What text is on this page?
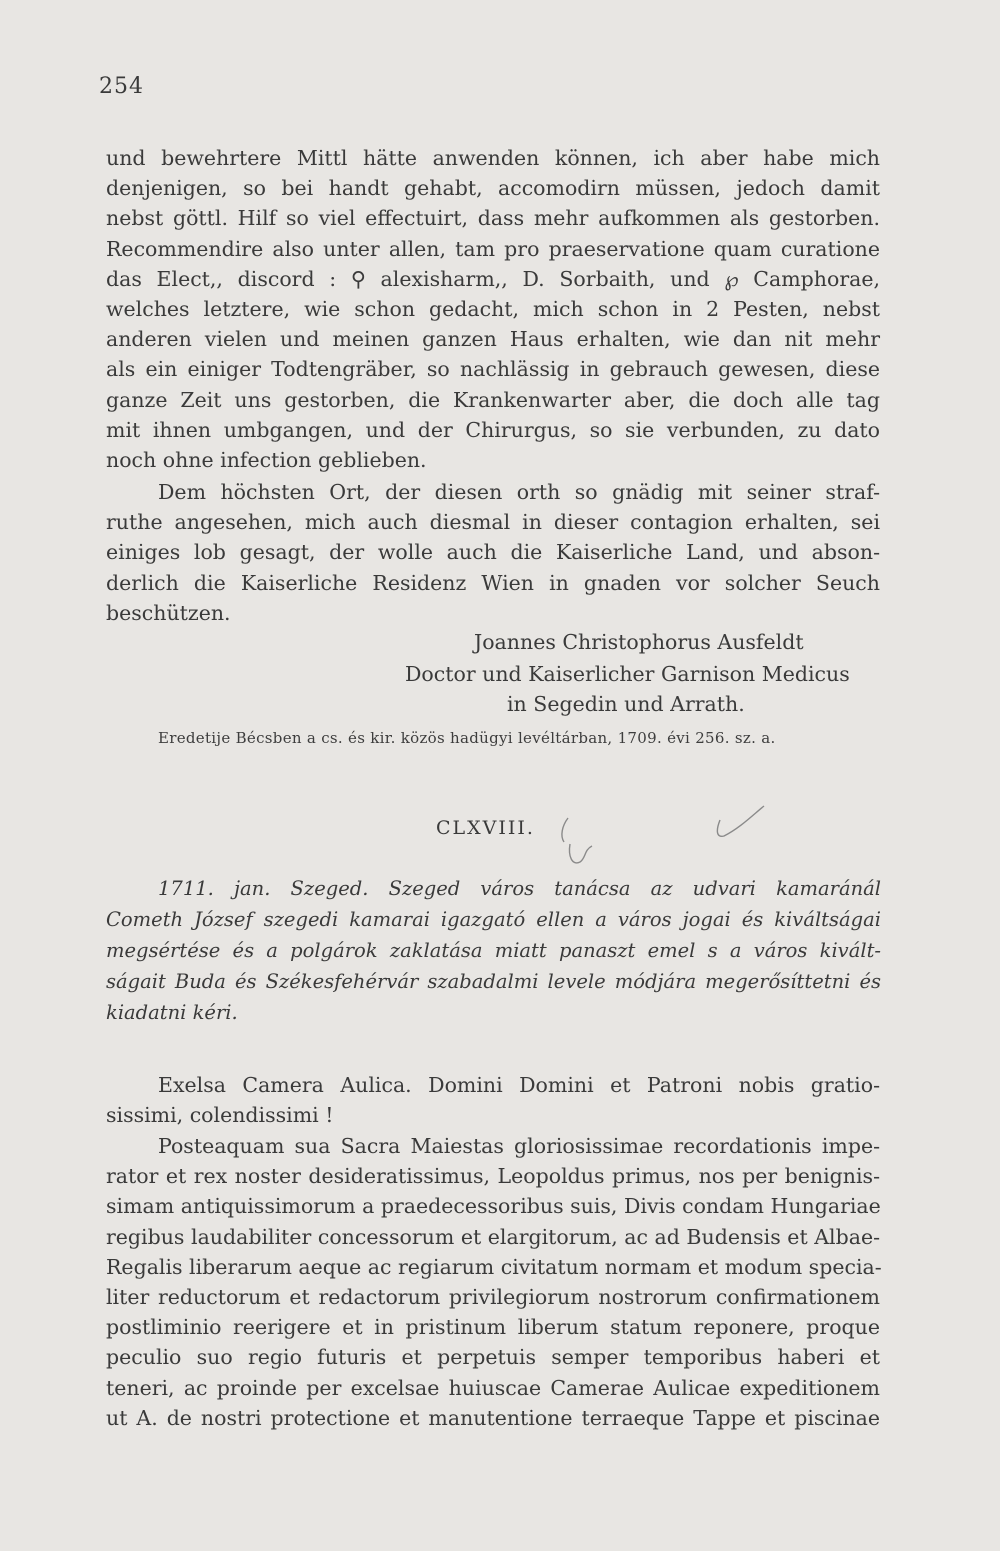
254
und bewehrtere Mittl hätte anwenden können, ich aber habe mich
denjenigen, so bei handt gehabt, accomodirn müssen, jedoch damit
nebst göttl. Hilf so viel effectuirt, dass mehr aufkommen als gestorben.
Recommendire also unter allen, tam pro praeservatione quam curatione
das Elect,, discord : ⚲ alexisharm,, D. Sorbaith, und ℘ Camphorae,
welches letztere, wie schon gedacht, mich schon in 2 Pesten, nebst
anderen vielen und meinen ganzen Haus erhalten, wie dan nit mehr
als ein einiger Todtengräber, so nachlässig in gebrauch gewesen, diese
ganze Zeit uns gestorben, die Krankenwarter aber, die doch alle tag
mit ihnen umbgangen, und der Chirurgus, so sie verbunden, zu dato
noch ohne infection geblieben.
Dem höchsten Ort, der diesen orth so gnädig mit seiner straf-
ruthe angesehen, mich auch diesmal in dieser contagion erhalten, sei
einiges lob gesagt, der wolle auch die Kaiserliche Land, und abson-
derlich die Kaiserliche Residenz Wien in gnaden vor solcher Seuch
beschützen.
Joannes Christophorus Ausfeldt
Doctor und Kaiserlicher Garnison Medicus
in Segedin und Arrath.
Eredetije Bécsben a cs. és kir. közös hadügyi levéltárban, 1709. évi 256. sz. a.
CLXVIII.
1711. jan. Szeged. Szeged város tanácsa az udvari kamaránál
Cometh József szegedi kamarai igazgató ellen a város jogai és kiváltságai
megsértése és a polgárok zaklatása miatt panaszt emel s a város kivált-
ságait Buda és Székesfehérvár szabadalmi levele módjára megerősíttetni és
kiadatni kéri.
Exelsa Camera Aulica. Domini Domini et Patroni nobis gratio-
sissimi, colendissimi !
Posteaquam sua Sacra Maiestas gloriosissimae recordationis impe-
rator et rex noster desideratissimus, Leopoldus primus, nos per benignis-
simam antiquissimorum a praedecessoribus suis, Divis condam Hungariae
regibus laudabiliter concessorum et elargitorum, ac ad Budensis et Albae-
Regalis liberarum aeque ac regiarum civitatum normam et modum specia-
liter reductorum et redactorum privilegiorum nostrorum confirmationem
postliminio reerigere et in pristinum liberum statum reponere, proque
peculio suo regio futuris et perpetuis semper temporibus haberi et
teneri, ac proinde per excelsae huiuscae Camerae Aulicae expeditionem
ut A. de nostri protectione et manutentione terraeque Tappe et piscinae
